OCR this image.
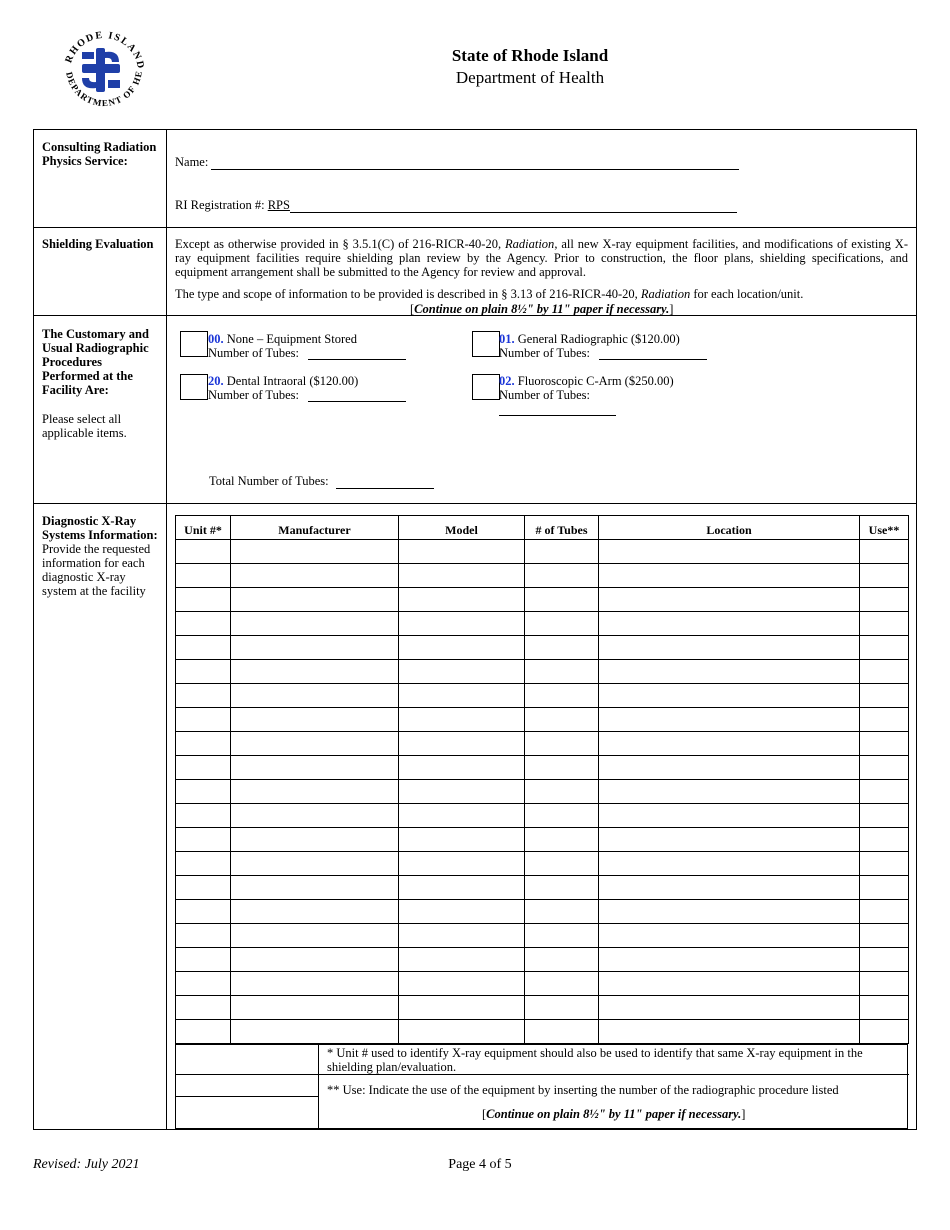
RHODE ISLAND
DEPARTMENT OF HE
State of Rhode Island
Department of Health
Consulting Radiation Physics Service:	Name:
RI Registration #: RPS
Shielding Evaluation	Except as otherwise provided in § 3.5.1(C) of 216-RICR-40-20, Radiation, all new X-ray equipment facilities, and modifications of existing X-ray equipment facilities require shielding plan review by the Agency. Prior to construction, the floor plans, shielding specifications, and equipment arrangement shall be submitted to the Agency for review and approval.
The type and scope of information to be provided is described in § 3.13 of 216-RICR-40-20, Radiation for each location/unit.
[Continue on plain 8½" by 11" paper if necessary.]
The Customary and Usual Radiographic Procedures Performed at the Facility Are:
Please select all applicable items.
00. None – Equipment Stored
Number of Tubes:
01. General Radiographic ($120.00)
Number of Tubes:
20. Dental Intraoral ($120.00)
Number of Tubes:
02. Fluoroscopic C-Arm ($250.00)
Number of Tubes:

Total Number of Tubes:
Diagnostic X-Ray Systems Information:
Provide the requested information for each diagnostic X-ray system at the facility
Unit #*	Manufacturer	Model	# of Tubes	Location	Use**

* Unit # used to identify X-ray equipment should also be used to identify that same X-ray equipment in the shielding plan/evaluation.
** Use: Indicate the use of the equipment by inserting the number of the radiographic procedure listed
[Continue on plain 8½" by 11" paper if necessary.]
Revised: July 2021	Page 4 of 5
